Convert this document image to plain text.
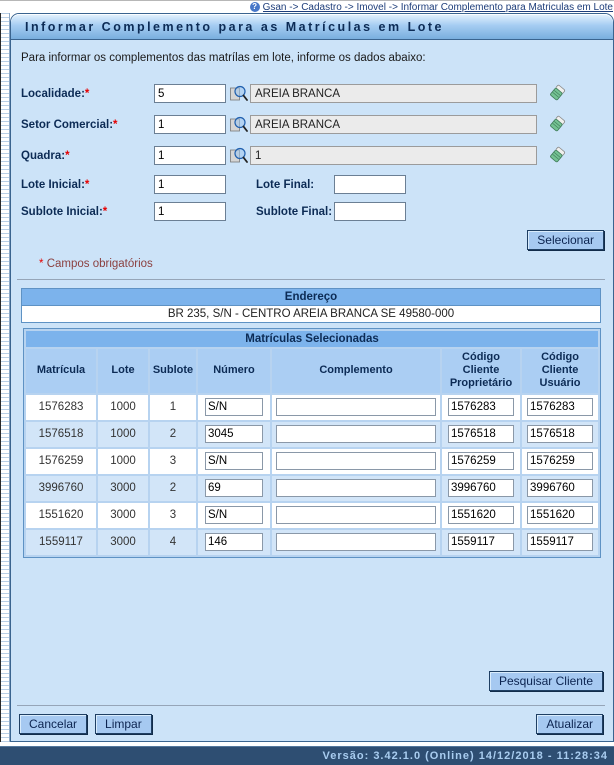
? Gsan -> Cadastro -> Imovel -> Informar Complemento para Matriculas em Lote
Informar Complemento para as Matrículas em Lote
Para informar os complementos das matrílas em lote, informe os dados abaixo:
Localidade:*
5
AREIA BRANCA
Setor Comercial:*
1
AREIA BRANCA
Quadra:*
1
1
Lote Inicial:*
1	Lote Final:
Sublote Inicial:*
1	Sublote Final:
Selecionar
* Campos obrigatórios
Endereço
BR 235, S/N - CENTRO AREIA BRANCA SE 49580-000
Matrículas Selecionadas						
Matrícula	Lote	Sublote	Número	Complemento	Código Cliente Proprietário	Código Cliente Usuário
1576283	1000	1	S/N		1576283	1576283
1576518	1000	2	3045		1576518	1576518
1576259	1000	3	S/N		1576259	1576259
3996760	3000	2	69		3996760	3996760
1551620	3000	3	S/N		1551620	1551620
1559117	3000	4	146		1559117	1559117
Pesquisar Cliente
Cancelar	Limpar	Atualizar
Versão: 3.42.1.0 (Online) 14/12/2018 - 11:28:34
